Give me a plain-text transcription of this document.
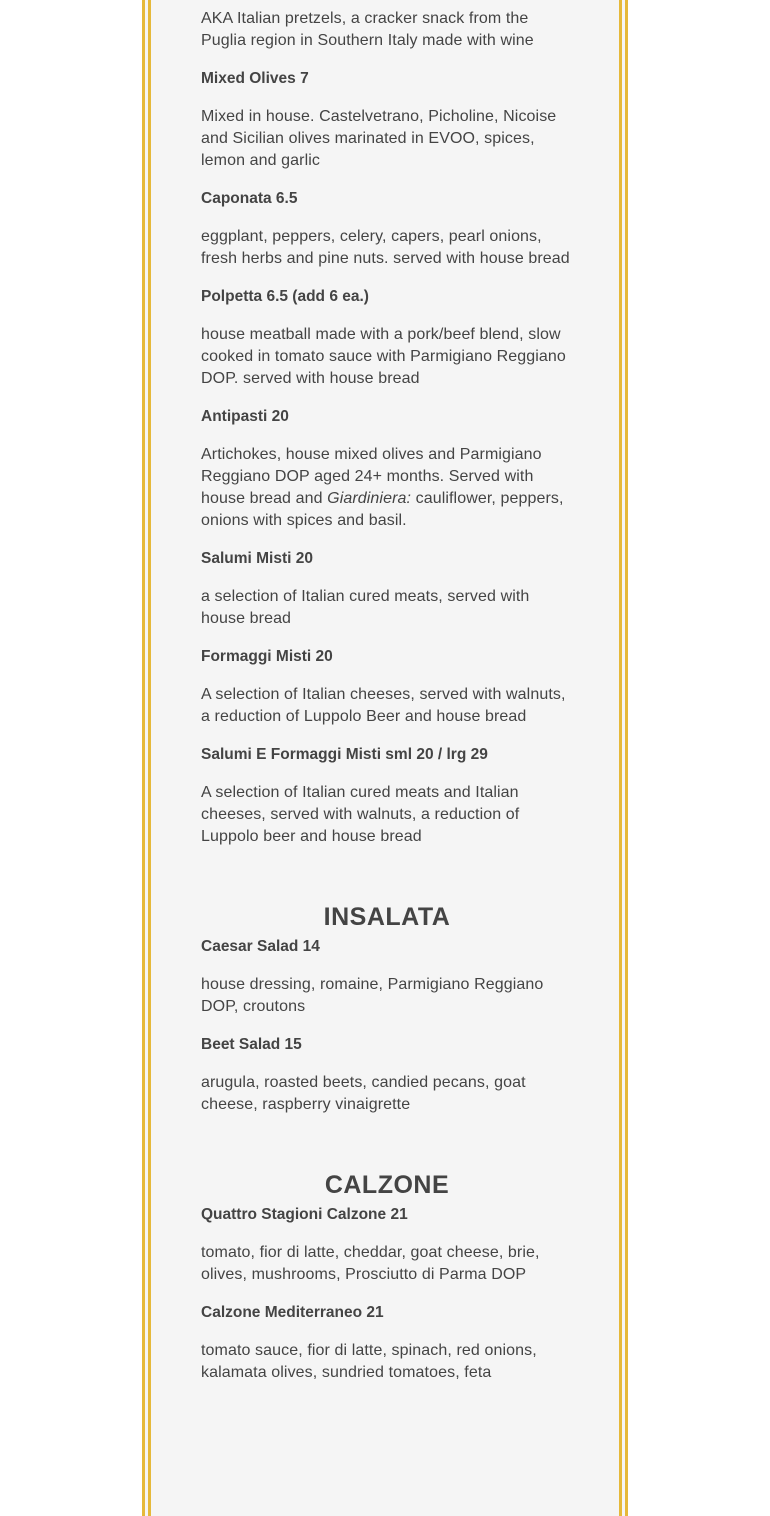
AKA Italian pretzels, a cracker snack from the Puglia region in Southern Italy made with wine

Mixed Olives 7

Mixed in house. Castelvetrano, Picholine, Nicoise and Sicilian olives marinated in EVOO, spices, lemon and garlic

Caponata 6.5

eggplant, peppers, celery, capers, pearl onions, fresh herbs and pine nuts. served with house bread

Polpetta 6.5 (add 6 ea.)

house meatball made with a pork/beef blend, slow cooked in tomato sauce with Parmigiano Reggiano DOP. served with house bread

Antipasti 20

Artichokes, house mixed olives and Parmigiano Reggiano DOP aged 24+ months. Served with house bread and Giardiniera: cauliflower, peppers, onions with spices and basil.

Salumi Misti 20

a selection of Italian cured meats, served with house bread

Formaggi Misti 20

A selection of Italian cheeses, served with walnuts, a reduction of Luppolo Beer and house bread

Salumi E Formaggi Misti sml 20 / lrg 29

A selection of Italian cured meats and Italian cheeses, served with walnuts, a reduction of Luppolo beer and house bread

INSALATA
Caesar Salad 14

house dressing, romaine, Parmigiano Reggiano DOP, croutons

Beet Salad 15

arugula, roasted beets, candied pecans, goat cheese, raspberry vinaigrette

CALZONE
Quattro Stagioni Calzone 21

tomato, fior di latte, cheddar, goat cheese, brie, olives, mushrooms, Prosciutto di Parma DOP

Calzone Mediterraneo 21

tomato sauce, fior di latte, spinach, red onions, kalamata olives, sundried tomatoes, feta
